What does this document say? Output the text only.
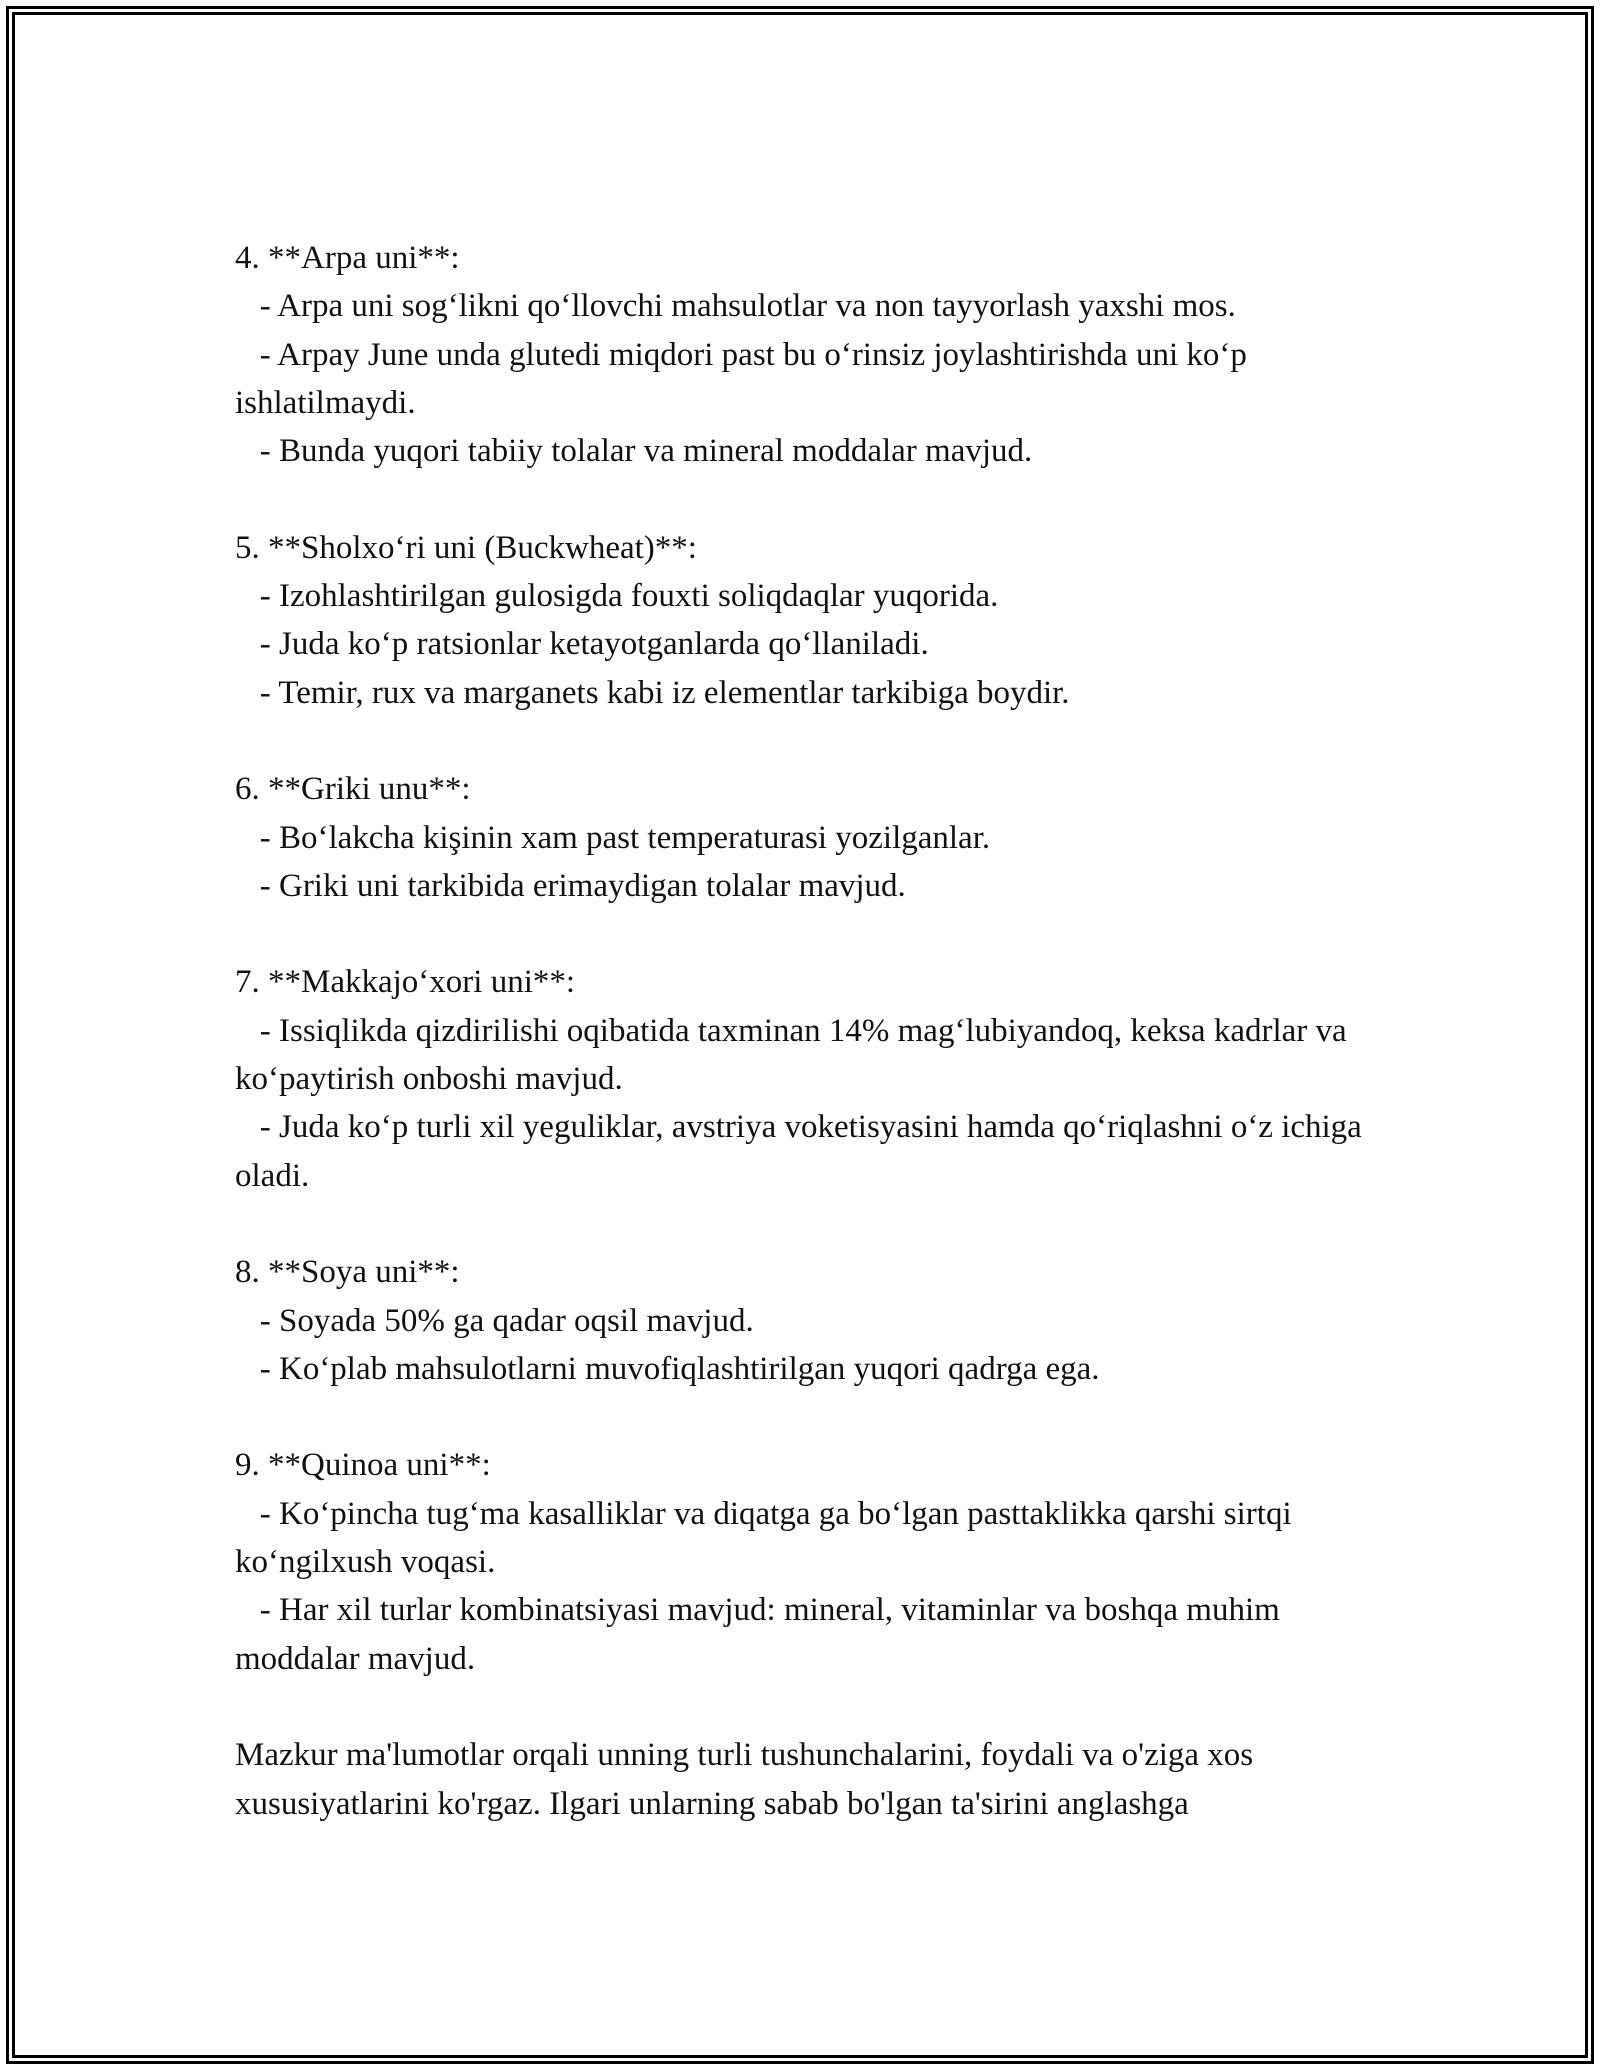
4. **Arpa uni**:

- Arpa uni sog‘likni qo‘llovchi mahsulotlar va non tayyorlash yaxshi mos.

- Arpay June unda glutedi miqdori past bu o‘rinsiz joylashtirishda uni ko‘p ishlatilmaydi.

- Bunda yuqori tabiiy tolalar va mineral moddalar mavjud.

5. **Sholxo‘ri uni (Buckwheat)**:

- Izohlashtirilgan gulosigda fouxti soliqdaqlar yuqorida.

- Juda ko‘p ratsionlar ketayotganlarda qo‘llaniladi.

- Temir, rux va marganets kabi iz elementlar tarkibiga boydir.

6. **Griki unu**:

- Bo‘lakcha kişinin xam past temperaturasi yozilganlar.

- Griki uni tarkibida erimaydigan tolalar mavjud.

7. **Makkajo‘xori uni**:

- Issiqlikda qizdirilishi oqibatida taxminan 14% mag‘lubiyandoq, keksa kadrlar va ko‘paytirish onboshi mavjud.

- Juda ko‘p turli xil yeguliklar, avstriya voketisyasini hamda qo‘riqlashni o‘z ichiga oladi.

8. **Soya uni**:

- Soyada 50% ga qadar oqsil mavjud.

- Ko‘plab mahsulotlarni muvofiqlashtirilgan yuqori qadrga ega.

9. **Quinoa uni**:

- Ko‘pincha tug‘ma kasalliklar va diqatga ga bo‘lgan pasttaklikka qarshi sirtqi ko‘ngilxush voqasi.

- Har xil turlar kombinatsiyasi mavjud: mineral, vitaminlar va boshqa muhim moddalar mavjud.

Mazkur ma'lumotlar orqali unning turli tushunchalarini, foydali va o'ziga xos xususiyatlarini ko'rgaz. Ilgari unlarning sabab bo'lgan ta'sirini anglashga
